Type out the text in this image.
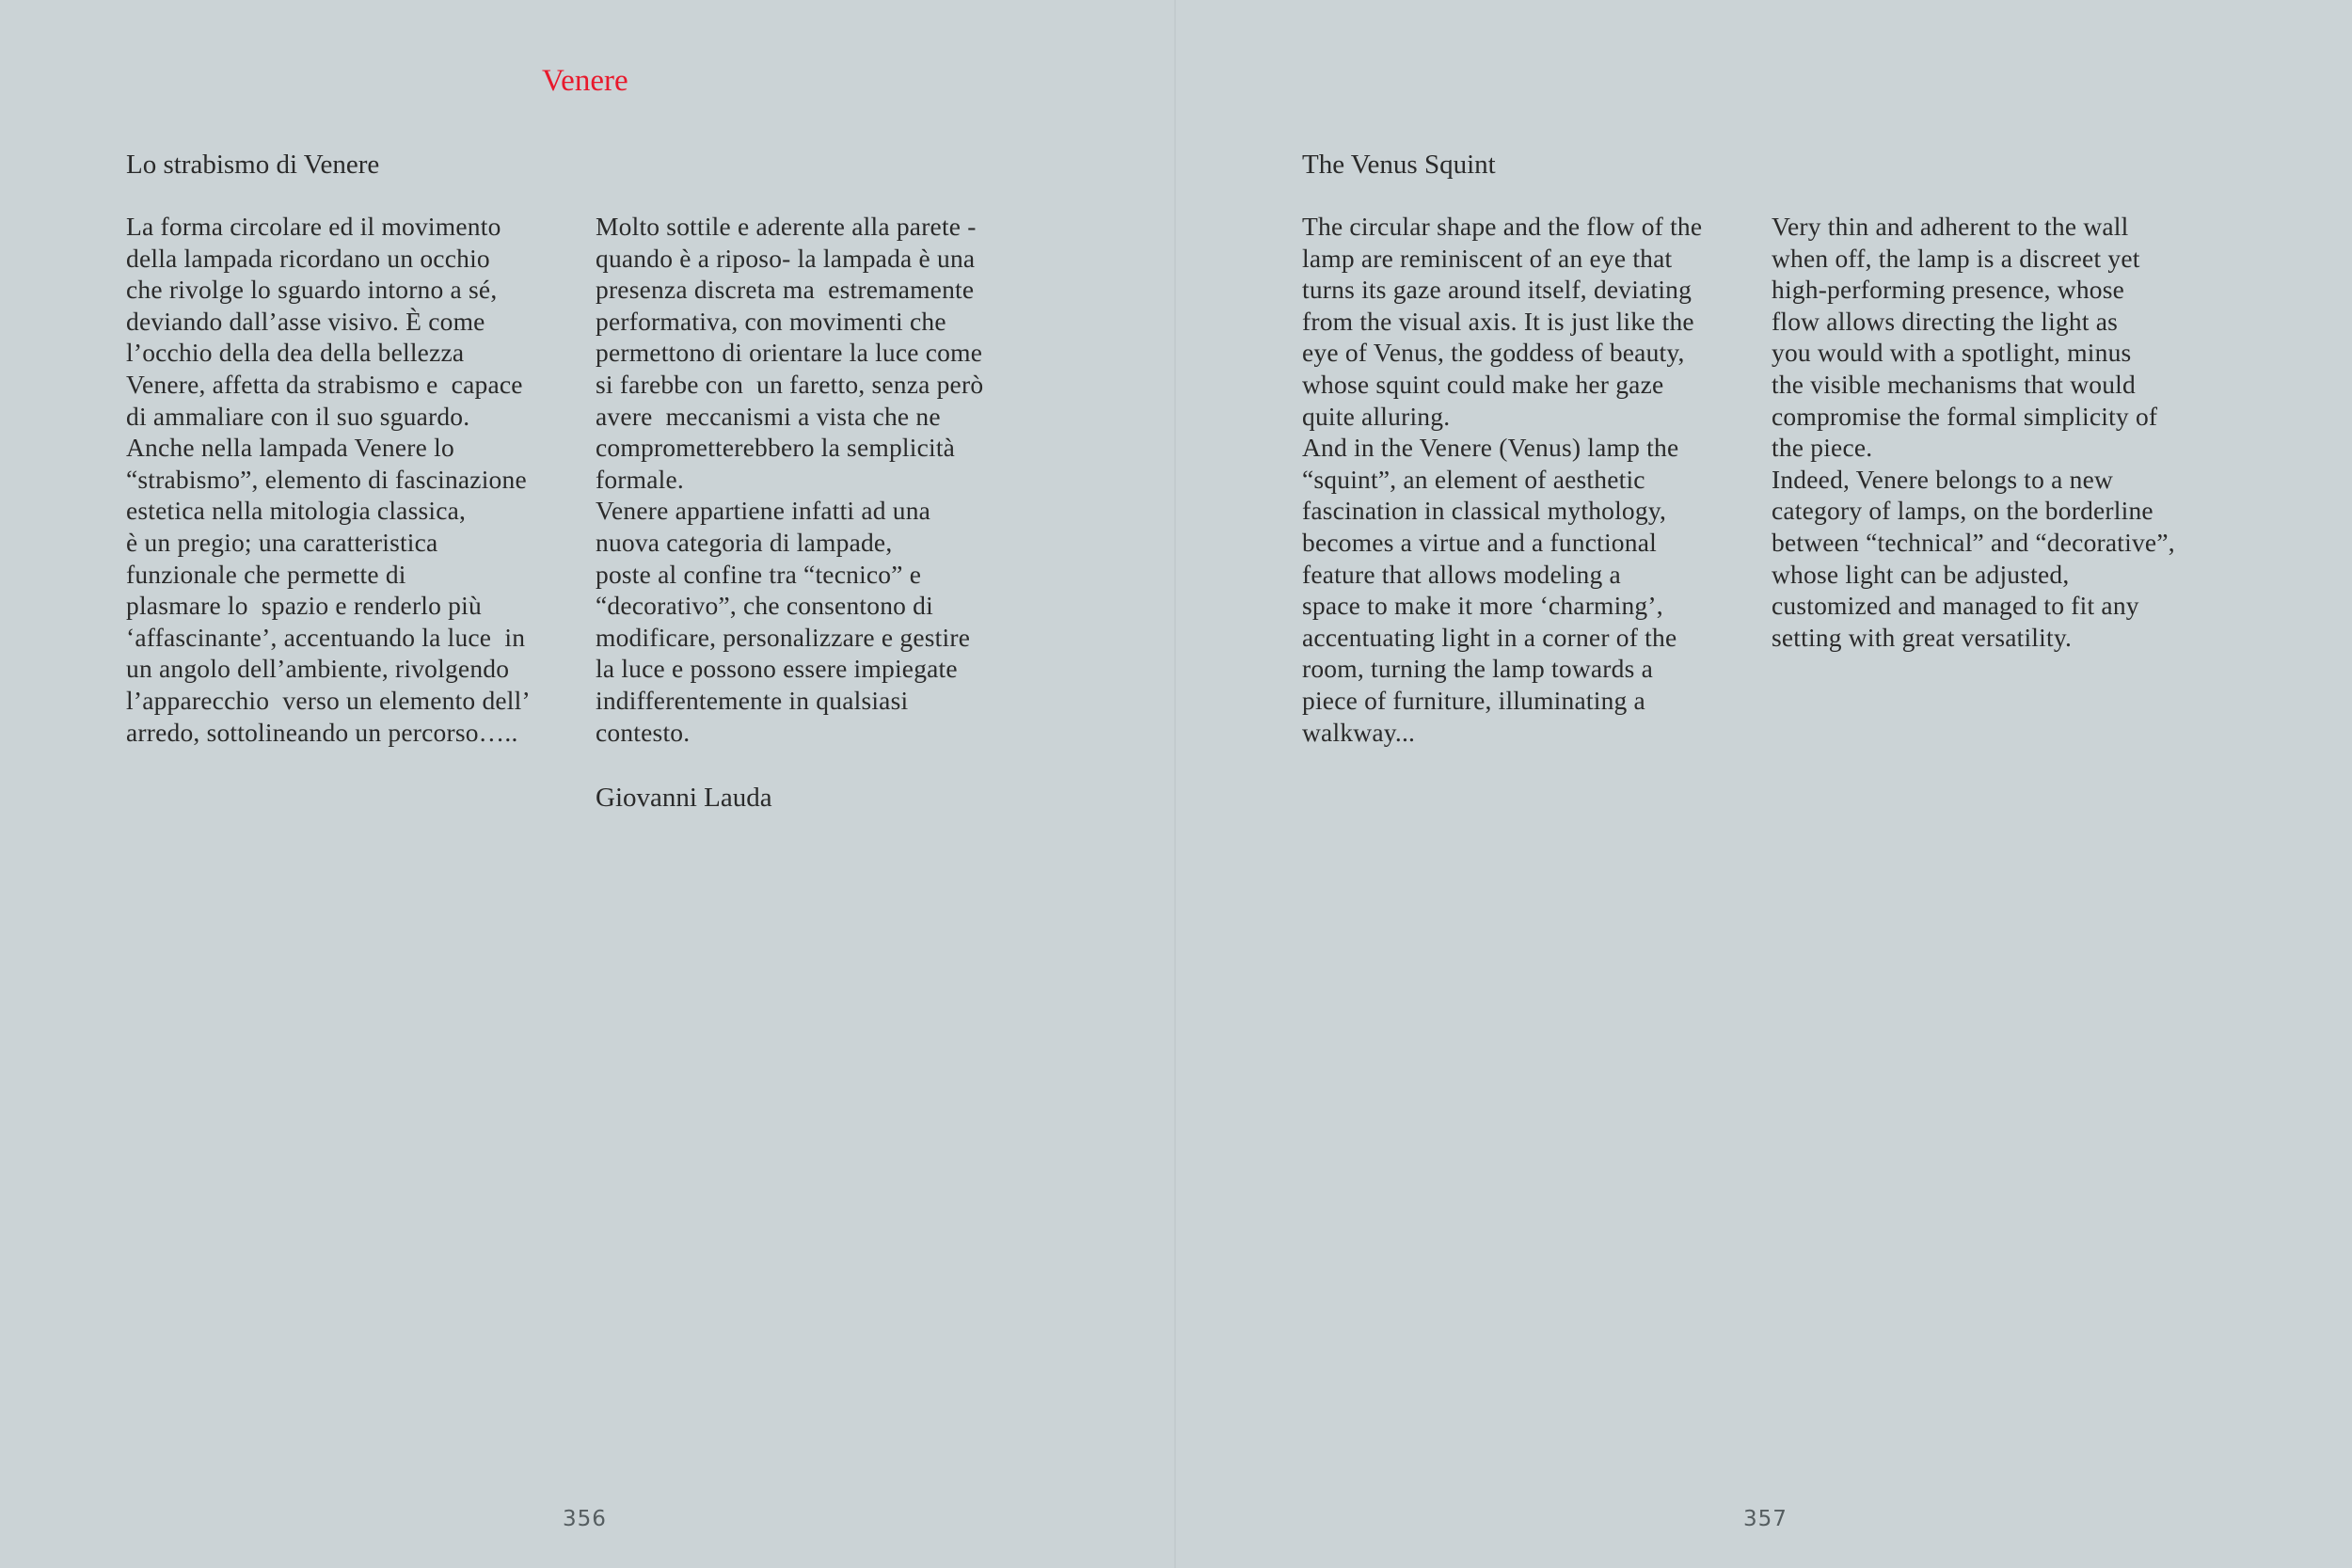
Venere
Lo strabismo di Venere
La forma circolare ed il movimento
della lampada ricordano un occhio
che rivolge lo sguardo intorno a sé,
deviando dall’asse visivo. È come
l’occhio della dea della bellezza
Venere, affetta da strabismo e  capace
di ammaliare con il suo sguardo.
Anche nella lampada Venere lo
“strabismo”, elemento di fascinazione
estetica nella mitologia classica,
è un pregio; una caratteristica
funzionale che permette di
plasmare lo  spazio e renderlo più
‘affascinante’, accentuando la luce  in
un angolo dell’ambiente, rivolgendo
l’apparecchio  verso un elemento dell’
arredo, sottolineando un percorso…..
Molto sottile e aderente alla parete -
quando è a riposo- la lampada è una
presenza discreta ma  estremamente
performativa, con movimenti che
permettono di orientare la luce come
si farebbe con  un faretto, senza però
avere  meccanismi a vista che ne
comprometterebbero la semplicità
formale.
Venere appartiene infatti ad una
nuova categoria di lampade,
poste al confine tra “tecnico” e
“decorativo”, che consentono di
modificare, personalizzare e gestire
la luce e possono essere impiegate
indifferentemente in qualsiasi
contesto.
Giovanni Lauda
356
The Venus Squint
The circular shape and the flow of the
lamp are reminiscent of an eye that
turns its gaze around itself, deviating
from the visual axis. It is just like the
eye of Venus, the goddess of beauty,
whose squint could make her gaze
quite alluring.
And in the Venere (Venus) lamp the
“squint”, an element of aesthetic
fascination in classical mythology,
becomes a virtue and a functional
feature that allows modeling a
space to make it more ‘charming’,
accentuating light in a corner of the
room, turning the lamp towards a
piece of furniture, illuminating a
walkway...
Very thin and adherent to the wall
when off, the lamp is a discreet yet
high-performing presence, whose
flow allows directing the light as
you would with a spotlight, minus
the visible mechanisms that would
compromise the formal simplicity of
the piece.
Indeed, Venere belongs to a new
category of lamps, on the borderline
between “technical” and “decorative”,
whose light can be adjusted,
customized and managed to fit any
setting with great versatility.
357
